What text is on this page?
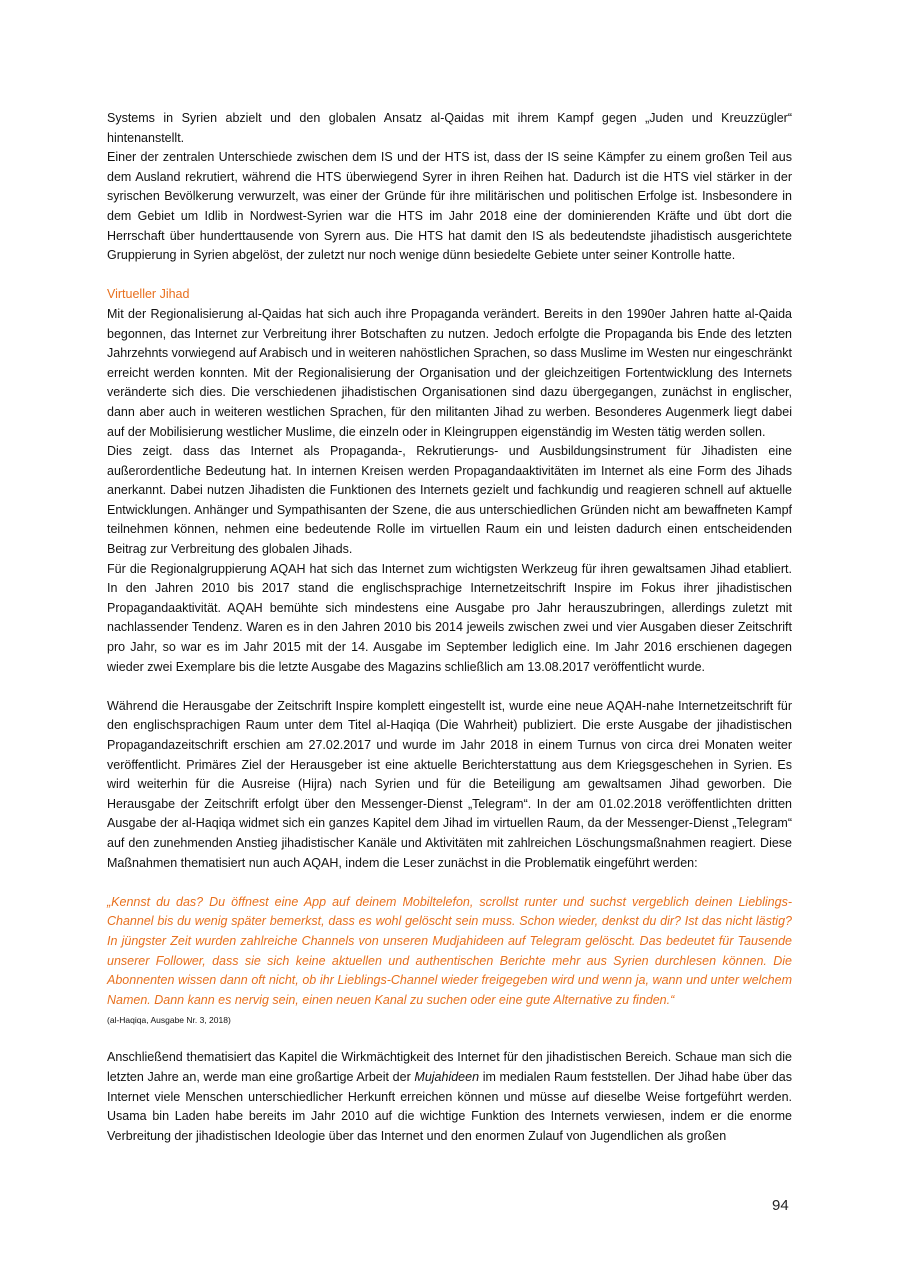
Systems in Syrien abzielt und den globalen Ansatz al-Qaidas mit ihrem Kampf gegen „Juden und Kreuzzügler“ hintenanstellt.

Einer der zentralen Unterschiede zwischen dem IS und der HTS ist, dass der IS seine Kämpfer zu einem großen Teil aus dem Ausland rekrutiert, während die HTS überwiegend Syrer in ihren Reihen hat. Dadurch ist die HTS viel stärker in der syrischen Bevölkerung verwurzelt, was einer der Gründe für ihre militärischen und politischen Erfolge ist. Insbesondere in dem Gebiet um Idlib in Nordwest-Syrien war die HTS im Jahr 2018 eine der dominierenden Kräfte und übt dort die Herrschaft über hunderttausende von Syrern aus. Die HTS hat damit den IS als bedeutendste jihadistisch ausgerichtete Gruppierung in Syrien abgelöst, der zuletzt nur noch wenige dünn besiedelte Gebiete unter seiner Kontrolle hatte.

Virtueller Jihad

Mit der Regionalisierung al-Qaidas hat sich auch ihre Propaganda verändert. Bereits in den 1990er Jahren hatte al-Qaida begonnen, das Internet zur Verbreitung ihrer Botschaften zu nutzen. Jedoch erfolgte die Propaganda bis Ende des letzten Jahrzehnts vorwiegend auf Arabisch und in weiteren nahöstlichen Sprachen, so dass Muslime im Westen nur eingeschränkt erreicht werden konnten. Mit der Regionalisierung der Organisation und der gleichzeitigen Fortentwicklung des Internets veränderte sich dies. Die verschiedenen jihadistischen Organisationen sind dazu übergegangen, zunächst in englischer, dann aber auch in weiteren westlichen Sprachen, für den militanten Jihad zu werben. Besonderes Augenmerk liegt dabei auf der Mobilisierung westlicher Muslime, die einzeln oder in Kleingruppen eigenständig im Westen tätig werden sollen.

Dies zeigt. dass das Internet als Propaganda-, Rekrutierungs- und Ausbildungsinstrument für Jihadisten eine außerordentliche Bedeutung hat. In internen Kreisen werden Propagandaaktivitäten im Internet als eine Form des Jihads anerkannt. Dabei nutzen Jihadisten die Funktionen des Internets gezielt und fachkundig und reagieren schnell auf aktuelle Entwicklungen. Anhänger und Sympathisanten der Szene, die aus unterschiedlichen Gründen nicht am bewaffneten Kampf teilnehmen können, nehmen eine bedeutende Rolle im virtuellen Raum ein und leisten dadurch einen entscheidenden Beitrag zur Verbreitung des globalen Jihads.

Für die Regionalgruppierung AQAH hat sich das Internet zum wichtigsten Werkzeug für ihren gewaltsamen Jihad etabliert. In den Jahren 2010 bis 2017 stand die englischsprachige Internetzeitschrift Inspire im Fokus ihrer jihadistischen Propagandaaktivität. AQAH bemühte sich mindestens eine Ausgabe pro Jahr herauszubringen, allerdings zuletzt mit nachlassender Tendenz. Waren es in den Jahren 2010 bis 2014 jeweils zwischen zwei und vier Ausgaben dieser Zeitschrift pro Jahr, so war es im Jahr 2015 mit der 14. Ausgabe im September lediglich eine. Im Jahr 2016 erschienen dagegen wieder zwei Exemplare bis die letzte Ausgabe des Magazins schließlich am 13.08.2017 veröffentlicht wurde.

Während die Herausgabe der Zeitschrift Inspire komplett eingestellt ist, wurde eine neue AQAH-nahe Internetzeitschrift für den englischsprachigen Raum unter dem Titel al-Haqiqa (Die Wahrheit) publiziert. Die erste Ausgabe der jihadistischen Propagandazeitschrift erschien am 27.02.2017 und wurde im Jahr 2018 in einem Turnus von circa drei Monaten weiter veröffentlicht. Primäres Ziel der Herausgeber ist eine aktuelle Berichterstattung aus dem Kriegsgeschehen in Syrien. Es wird weiterhin für die Ausreise (Hijra) nach Syrien und für die Beteiligung am gewaltsamen Jihad geworben. Die Herausgabe der Zeitschrift erfolgt über den Messenger-Dienst „Telegram“. In der am 01.02.2018 veröffentlichten dritten Ausgabe der al-Haqiqa widmet sich ein ganzes Kapitel dem Jihad im virtuellen Raum, da der Messenger-Dienst „Telegram“ auf den zunehmenden Anstieg jihadistischer Kanäle und Aktivitäten mit zahlreichen Löschungsmaßnahmen reagiert. Diese Maßnahmen thematisiert nun auch AQAH, indem die Leser zunächst in die Problematik eingeführt werden:

„Kennst du das? Du öffnest eine App auf deinem Mobiltelefon, scrollst runter und suchst vergeblich deinen Lieblings-Channel bis du wenig später bemerkst, dass es wohl gelöscht sein muss. Schon wieder, denkst du dir? Ist das nicht lästig? In jüngster Zeit wurden zahlreiche Channels von unseren Mudjahideen auf Telegram gelöscht. Das bedeutet für Tausende unserer Follower, dass sie sich keine aktuellen und authentischen Berichte mehr aus Syrien durchlesen können. Die Abonnenten wissen dann oft nicht, ob ihr Lieblings-Channel wieder freigegeben wird und wenn ja, wann und unter welchem Namen. Dann kann es nervig sein, einen neuen Kanal zu suchen oder eine gute Alternative zu finden.“

(al-Haqiqa, Ausgabe Nr. 3, 2018)

Anschließend thematisiert das Kapitel die Wirkmächtigkeit des Internet für den jihadistischen Bereich. Schaue man sich die letzten Jahre an, werde man eine großartige Arbeit der Mujahideen im medialen Raum feststellen. Der Jihad habe über das Internet viele Menschen unterschiedlicher Herkunft erreichen können und müsse auf dieselbe Weise fortgeführt werden. Usama bin Laden habe bereits im Jahr 2010 auf die wichtige Funktion des Internets verwiesen, indem er die enorme Verbreitung der jihadistischen Ideologie über das Internet und den enormen Zulauf von Jugendlichen als großen

94
